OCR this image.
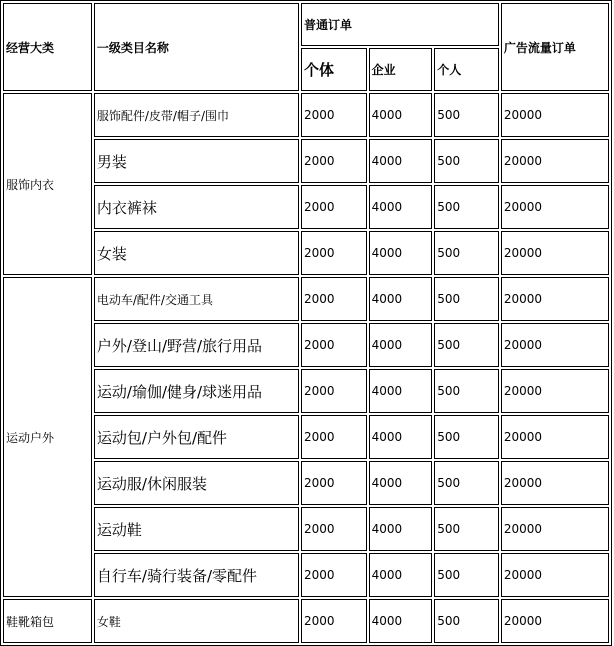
经营大类	一级类目名称	普通订单			广告流量订单
		个体	企业	个人	
服饰内衣	服饰配件/皮带/帽子/围巾	2000	4000	500	20000
	男装	2000	4000	500	20000
	内衣裤袜	2000	4000	500	20000
	女装	2000	4000	500	20000
运动户外	电动车/配件/交通工具	2000	4000	500	20000
	户外/登山/野营/旅行用品	2000	4000	500	20000
	运动/瑜伽/健身/球迷用品	2000	4000	500	20000
	运动包/户外包/配件	2000	4000	500	20000
	运动服/休闲服装	2000	4000	500	20000
	运动鞋	2000	4000	500	20000
	自行车/骑行装备/零配件	2000	4000	500	20000
鞋靴箱包	女鞋	2000	4000	500	20000
